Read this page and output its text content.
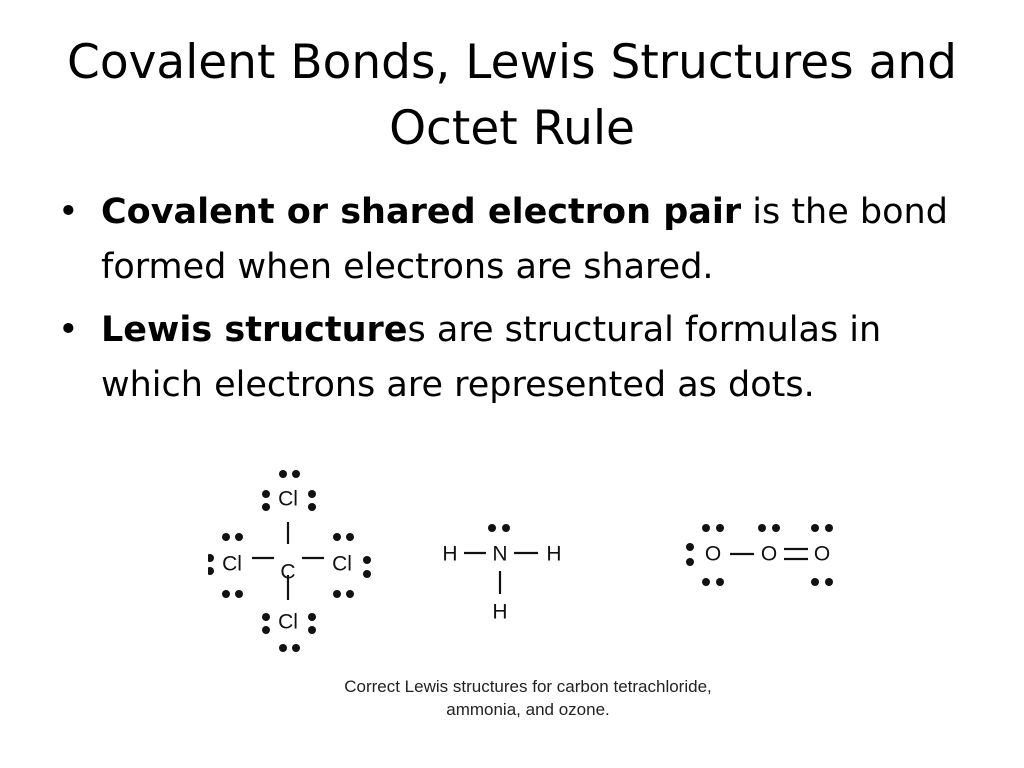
Covalent Bonds, Lewis Structures and
Octet Rule
• Covalent or shared electron pair is the bond formed when electrons are shared.
• Lewis structures are structural formulas in which electrons are represented as dots.
C
Cl
Cl	Cl
Cl
N
H	H
H
O O O
Correct Lewis structures for carbon tetrachloride,
ammonia, and ozone.
